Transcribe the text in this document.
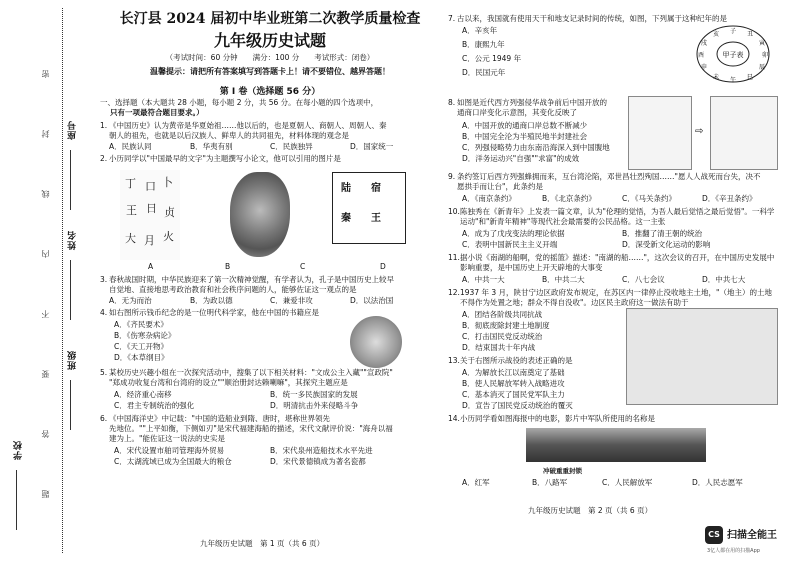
座号
姓名
班级
学校
密
封
线
内
不
要
答
题
长汀县 2024 届初中毕业班第二次教学质量检查
九年级历史试题
（考试时间：60 分钟　　满分：100 分　　考试形式：闭卷）
温馨提示：请把所有答案填写到答题卡上！请不要错位、越界答题！
第 I 卷（选择题 56 分）
一、选择题（本大题共 28 小题，每小题 2 分，共 56 分。在每小题的四个选项中，
只有一项最符合题目要求。）
1. 《中国历史》认为黄帝是华夏始祖……他以后的，也是夏朝人、商朝人、周朝人、秦
朝人的祖先，也就是以后汉族人、鲜卑人的共同祖先，材料体现的观念是
A．民族认同	B．华夷有别	C．民族独异	D．国家统一
2. 小历同学以"中国最早的文字"为主题撰写小论文，他可以引用的图片是
丁 口 卜
王 日 贞
大 月 火
陆 宿
秦 王
A	B	C	D
3. 春秋战国时期，中华民族迎来了第一次精神觉醒，有学者认为，孔子是中国历史上较早
自觉地、直接地思考政治教育和社会秩序问题的人，能够佐证这一观点的是
A．无为而治	B．为政以德	C．兼爱非攻	D．以法治国
4. 如右图所示钱币纪念的是一位明代科学家，他在中国的书籍应是
A．《齐民要术》
B．《伤寒杂病论》
C．《天工开物》
D．《本草纲目》
5. 某校历史兴趣小组在一次探究活动中，搜集了以下相关材料："文成公主入藏""宣政院"
"郑成功收复台湾和台湾府的设立""顺治册封达赖喇嘛"，其探究主题应是
A．经济重心南移	B．统一多民族国家的发展
C．君主专制统治的强化	D．明清抗击外来侵略斗争
6. 《中国海洋史》中记载："中国的造船业到隋、唐时，堪称世界领先
先地位。""上平如衡，下侧如刃"是宋代福建海船的描述，宋代文献评价说："海舟以福
建为上。"能佐证这一说法的史实是
A．宋代设置市舶司管理海外贸易	B．宋代泉州造船技术水平先进
C．太湖流域已成为全国最大的粮仓	D．宋代景德镇成为著名瓷都
九年级历史试题　第 1 页（共 6 页）
7. 古以来，我国就有使用天干和地支记录时间的传统，如图，下列属于这种纪年的是
A．辛亥年
B．康熙九年
C．公元 1949 年
D．民国元年
甲子表
子 丑
寅
卯
辰
巳
午
未
申
酉
戌
亥
8. 如图是近代西方列强侵华战争前后中国开放的
通商口岸变化示意图，其变化反映了
A．中国开放的通商口岸总数不断减少
B．中国完全沦为半殖民地半封建社会
C．列强侵略势力由东南沿海深入到中国腹地
D．洋务运动兴"自强""求富"的成效
⇨
9. 条约签订后西方列强蜂拥而来，互台湾沦陷，邓世昌壮烈殉国……"愿人人战死而台失，决不
愿拱手而让台"，此条约是
A．《南京条约》	B．《北京条约》	C．《马关条约》	D．《辛丑条约》
10. 陈独秀在《新青年》上发表一篇文章，认为"伦理的觉悟，为吾人最后觉悟之最后觉悟"。一科学
运动"和"新青年精神"等现代社会最需要的公民品格。这一主张
A．成为了戊戌变法的理论依据	B．推翻了清王朝的统治
C．表明中国新民主主义开端	D．深受新文化运动的影响
11. 据小说《南湖的船啊，党的摇篮》描述："南湖的船……"，这次会议的召开，在中国历史发展中
影响重要，是中国历史上开天辟地的大事变
A．中共一大	B．中共二大	C．八七会议	D．中共七大
12. 1937 年 3 月，陕甘宁边区政府发布规定，在苏区内一律停止没收地主土地，"（地主）的土地
不得作为处置之地；群众不得自没收"。边区民主政府这一做法有助于
A．团结各阶级共同抗战
B．彻底废除封建土地制度
C．打击国民党反动统治
D．结束国共十年内战
13. 关于右图所示战役的表述正确的是
A．为解放长江以南奠定了基础
B．使人民解放军转入战略进攻
C．基本消灭了国民党军队主力
D．宣告了国民党反动统治的覆灭
14. 小历同学看如图海报中的电影，影片中军队所使用的名称是
冲破重重封锁
A．红军	B．八路军	C．人民解放军	D．人民志愿军
九年级历史试题　第 2 页（共 6 页）
CS 扫描全能王
3亿人都在用的扫描App
